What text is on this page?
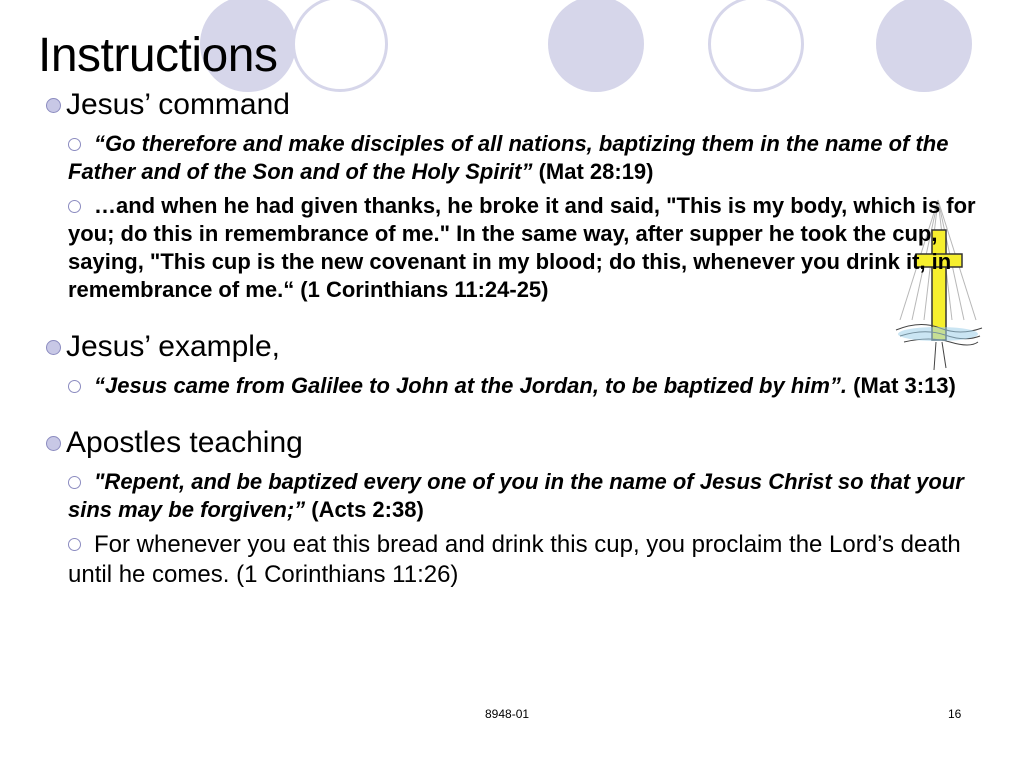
Instructions
Jesus’ command
“Go therefore and make disciples of all nations, baptizing them in the name of the Father and of the Son and of the Holy Spirit” (Mat 28:19)
…and when he had given thanks, he broke it and said, "This is my body, which is for you; do this in remembrance of me." In the same way, after supper he took the cup, saying, "This cup is the new covenant in my blood; do this, whenever you drink it, in remembrance of me.“ (1 Corinthians 11:24-25)
Jesus’ example,
“Jesus came from Galilee to John at the Jordan, to be baptized by him”. (Mat 3:13)
Apostles teaching
"Repent, and be baptized every one of you in the name of Jesus Christ so that your sins may be forgiven;” (Acts 2:38)
For whenever you eat this bread and drink this cup, you proclaim the Lord’s death until he comes. (1 Corinthians 11:26)
8948-01	16
